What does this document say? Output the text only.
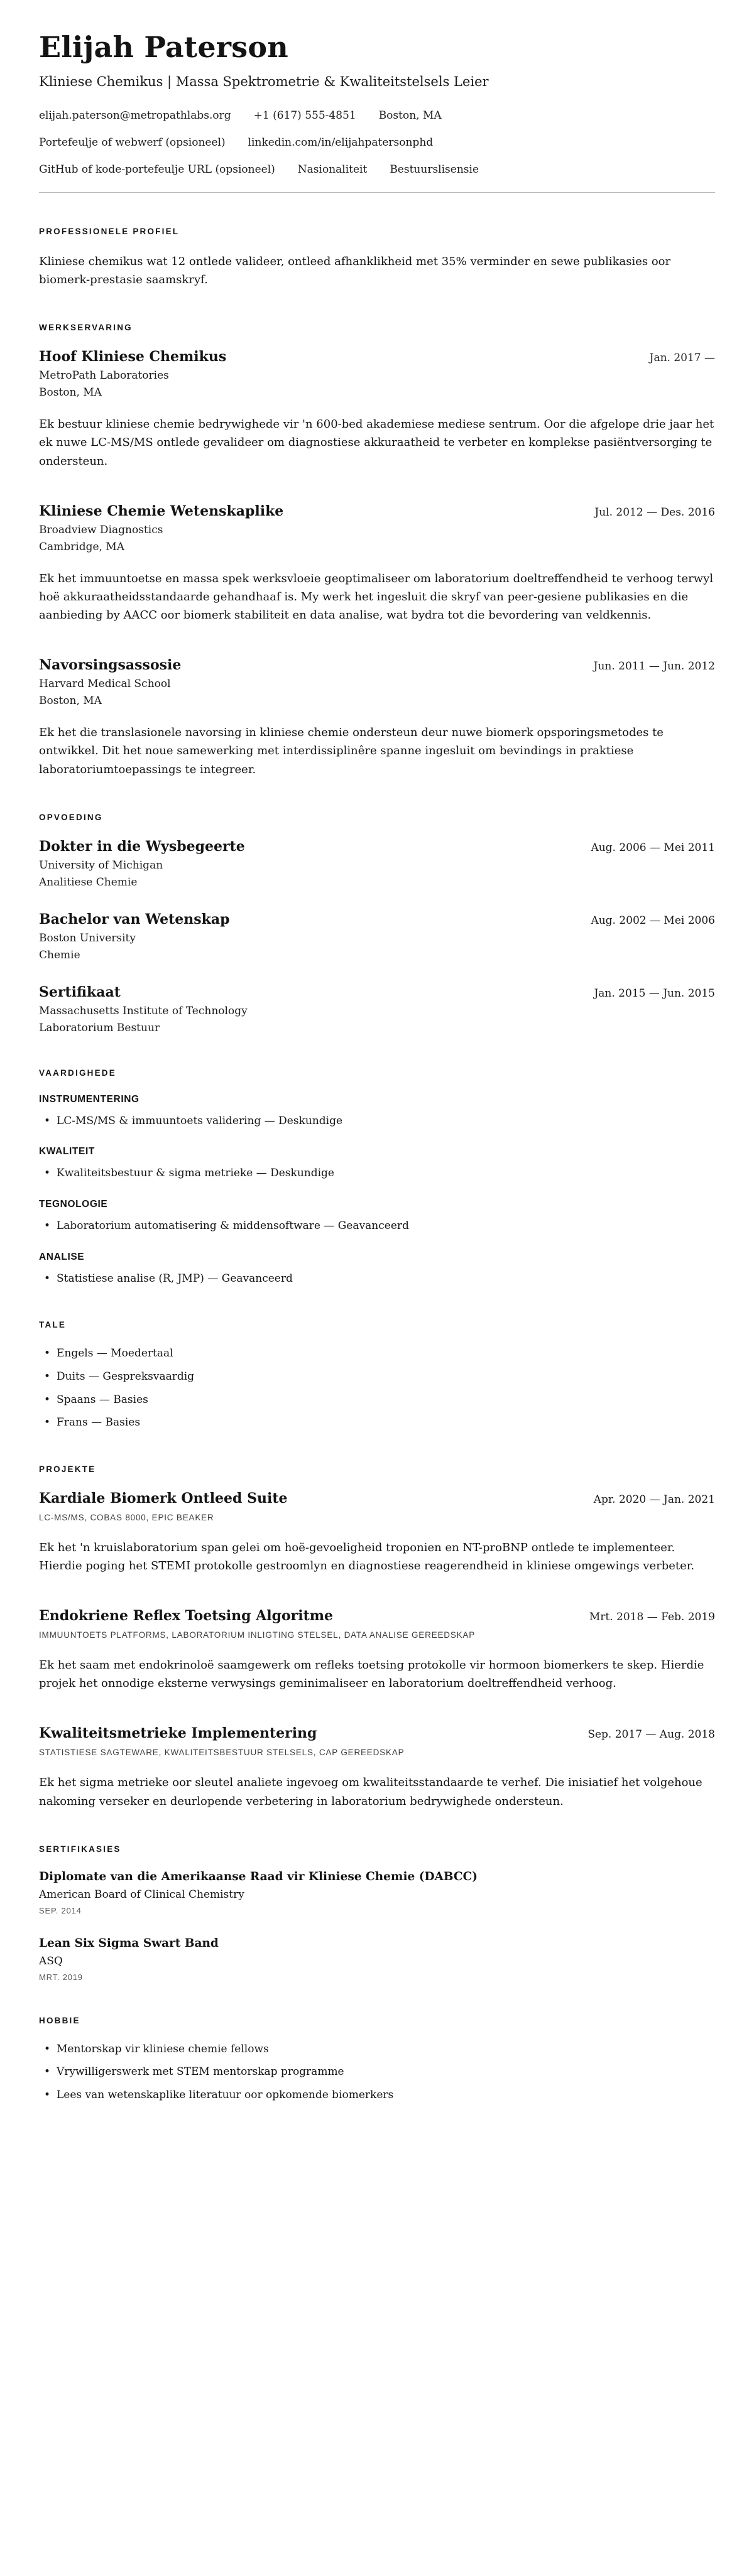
Elijah Paterson

Kliniese Chemikus | Massa Spektrometrie & Kwaliteitstelsels Leier

elijah.paterson@metropathlabs.org +1 (617) 555-4851 Boston, MA
Portefeulje of webwerf (opsioneel) linkedin.com/in/elijahpatersonphd
GitHub of kode-portefeulje URL (opsioneel) Nasionaliteit Bestuurslisensie
PROFESSIONELE PROFIEL

Kliniese chemikus wat 12 ontlede valideer, ontleed afhanklikheid met 35% verminder en sewe publikasies oor biomerk-prestasie saamskryf.

WERKSERVARING
Hoof Kliniese Chemikus	Jan. 2017 —
MetroPath Laboratories
Boston, MA

Ek bestuur kliniese chemie bedrywighede vir 'n 600-bed akademiese mediese sentrum. Oor die afgelope drie jaar het ek nuwe LC-MS/MS ontlede gevalideer om diagnostiese akkuraatheid te verbeter en komplekse pasiëntversorging te ondersteun.

Kliniese Chemie Wetenskaplike	Jul. 2012 — Des. 2016
Broadview Diagnostics
Cambridge, MA

Ek het immuuntoetse en massa spek werksvloeie geoptimaliseer om laboratorium doeltreffendheid te verhoog terwyl hoë akkuraatheidsstandaarde gehandhaaf is. My werk het ingesluit die skryf van peer-gesiene publikasies en die aanbieding by AACC oor biomerk stabiliteit en data analise, wat bydra tot die bevordering van veldkennis.

Navorsingsassosie	Jun. 2011 — Jun. 2012
Harvard Medical School
Boston, MA

Ek het die translasionele navorsing in kliniese chemie ondersteun deur nuwe biomerk opsporingsmetodes te ontwikkel. Dit het noue samewerking met interdissiplinêre spanne ingesluit om bevindings in praktiese laboratoriumtoepassings te integreer.

OPVOEDING
Dokter in die Wysbegeerte	Aug. 2006 — Mei 2011
University of Michigan
Analitiese Chemie
Bachelor van Wetenskap	Aug. 2002 — Mei 2006
Boston University
Chemie
Sertifikaat	Jan. 2015 — Jun. 2015
Massachusetts Institute of Technology
Laboratorium Bestuur
VAARDIGHEDE
INSTRUMENTERING
• LC-MS/MS & immuuntoets validering — Deskundige
KWALITEIT
• Kwaliteitsbestuur & sigma metrieke — Deskundige
TEGNOLOGIE
• Laboratorium automatisering & middensoftware — Geavanceerd
ANALISE
• Statistiese analise (R, JMP) — Geavanceerd
TALE
• Engels — Moedertaal
• Duits — Gespreksvaardig
• Spaans — Basies
• Frans — Basies
PROJEKTE
Kardiale Biomerk Ontleed Suite	Apr. 2020 — Jan. 2021
LC-MS/MS, COBAS 8000, EPIC BEAKER

Ek het 'n kruislaboratorium span gelei om hoë-gevoeligheid troponien en NT-proBNP ontlede te implementeer. Hierdie poging het STEMI protokolle gestroomlyn en diagnostiese reagerendheid in kliniese omgewings verbeter.

Endokriene Reflex Toetsing Algoritme	Mrt. 2018 — Feb. 2019
IMMUUNTOETS PLATFORMS, LABORATORIUM INLIGTING STELSEL, DATA ANALISE GEREEDSKAP

Ek het saam met endokrinoloë saamgewerk om refleks toetsing protokolle vir hormoon biomerkers te skep. Hierdie projek het onnodige eksterne verwysings geminimaliseer en laboratorium doeltreffendheid verhoog.

Kwaliteitsmetrieke Implementering	Sep. 2017 — Aug. 2018
STATISTIESE SAGTEWARE, KWALITEITSBESTUUR STELSELS, CAP GEREEDSKAP

Ek het sigma metrieke oor sleutel analiete ingevoeg om kwaliteitsstandaarde te verhef. Die inisiatief het volgehoue nakoming verseker en deurlopende verbetering in laboratorium bedrywighede ondersteun.

SERTIFIKASIES
Diplomate van die Amerikaanse Raad vir Kliniese Chemie (DABCC)
American Board of Clinical Chemistry
SEP. 2014
Lean Six Sigma Swart Band
ASQ
MRT. 2019
HOBBIE
• Mentorskap vir kliniese chemie fellows
• Vrywilligerswerk met STEM mentorskap programme
• Lees van wetenskaplike literatuur oor opkomende biomerkers
